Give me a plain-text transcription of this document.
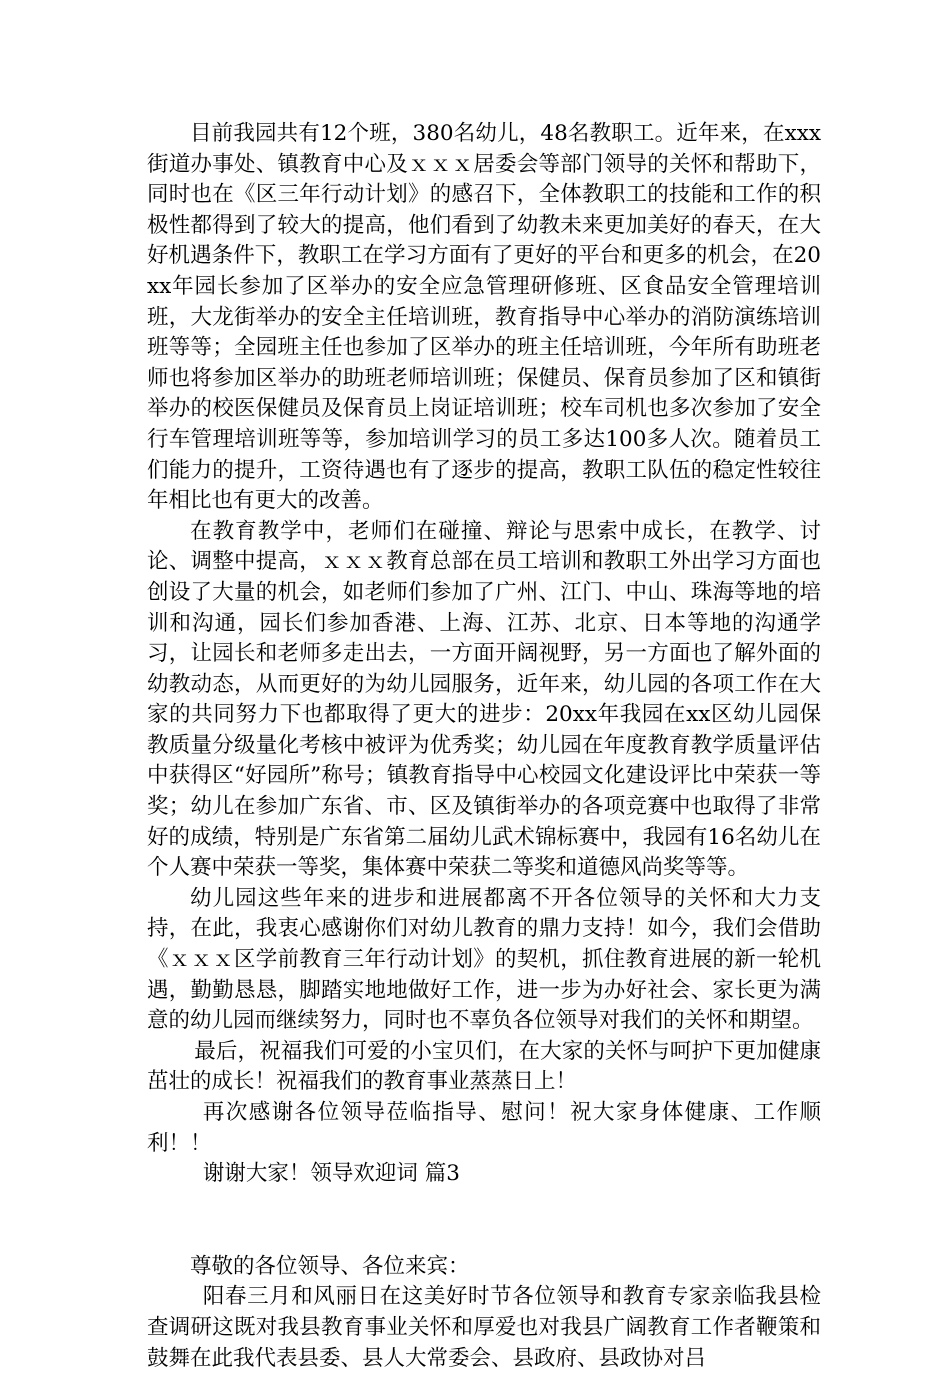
目前我园共有12个班，380名幼儿，48名教职工。近年来，在xxx街道办事处、镇教育中心及ｘｘｘ居委会等部门领导的关怀和帮助下，同时也在《区三年行动计划》的感召下，全体教职工的技能和工作的积极性都得到了较大的提高，他们看到了幼教未来更加美好的春天，在大好机遇条件下，教职工在学习方面有了更好的平台和更多的机会，在20xx年园长参加了区举办的安全应急管理研修班、区食品安全管理培训班，大龙街举办的安全主任培训班，教育指导中心举办的消防演练培训班等等；全园班主任也参加了区举办的班主任培训班，今年所有助班老师也将参加区举办的助班老师培训班；保健员、保育员参加了区和镇街举办的校医保健员及保育员上岗证培训班；校车司机也多次参加了安全行车管理培训班等等，参加培训学习的员工多达100多人次。随着员工们能力的提升，工资待遇也有了逐步的提高，教职工队伍的稳定性较往年相比也有更大的改善。

在教育教学中，老师们在碰撞、辩论与思索中成长，在教学、讨论、调整中提高，ｘｘｘ教育总部在员工培训和教职工外出学习方面也创设了大量的机会，如老师们参加了广州、江门、中山、珠海等地的培训和沟通，园长们参加香港、上海、江苏、北京、日本等地的沟通学习，让园长和老师多走出去，一方面开阔视野，另一方面也了解外面的幼教动态，从而更好的为幼儿园服务，近年来，幼儿园的各项工作在大家的共同努力下也都取得了更大的进步：20xx年我园在xx区幼儿园保教质量分级量化考核中被评为优秀奖；幼儿园在年度教育教学质量评估中获得区“好园所”称号；镇教育指导中心校园文化建设评比中荣获一等奖；幼儿在参加广东省、市、区及镇街举办的各项竞赛中也取得了非常好的成绩，特别是广东省第二届幼儿武术锦标赛中，我园有16名幼儿在个人赛中荣获一等奖，集体赛中荣获二等奖和道德风尚奖等等。

幼儿园这些年来的进步和进展都离不开各位领导的关怀和大力支持，在此，我衷心感谢你们对幼儿教育的鼎力支持！如今，我们会借助《ｘｘｘ区学前教育三年行动计划》的契机，抓住教育进展的新一轮机遇，勤勤恳恳，脚踏实地地做好工作，进一步为办好社会、家长更为满意的幼儿园而继续努力，同时也不辜负各位领导对我们的关怀和期望。

最后，祝福我们可爱的小宝贝们，在大家的关怀与呵护下更加健康茁壮的成长！祝福我们的教育事业蒸蒸日上！

再次感谢各位领导莅临指导、慰问！祝大家身体健康、工作顺利！！

谢谢大家！领导欢迎词 篇3

尊敬的各位领导、各位来宾：

阳春三月和风丽日在这美好时节各位领导和教育专家亲临我县检查调研这既对我县教育事业关怀和厚爱也对我县广阔教育工作者鞭策和鼓舞在此我代表县委、县人大常委会、县政府、县政协对吕
